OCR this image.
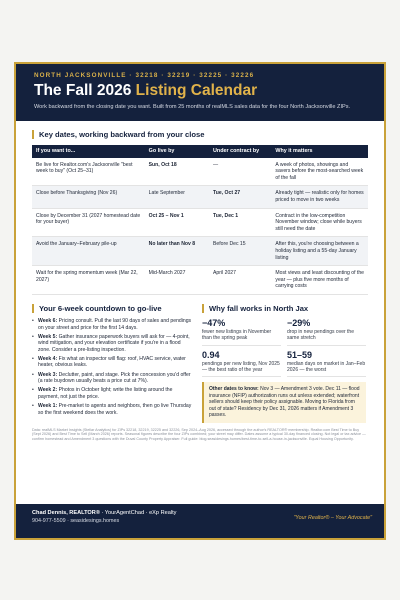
NORTH JACKSONVILLE · 32218 · 32219 · 32225 · 32226
The Fall 2026 Listing Calendar
Work backward from the closing date you want. Built from 25 months of realMLS sales data for the four North Jacksonville ZIPs.
Key dates, working backward from your close
If you want to...	Go live by	Under contract by	Why it matters
Be live for Realtor.com's Jacksonville "best week to buy" (Oct 25–31)	Sun, Oct 18	—	A week of photos, showings and savers before the most-searched week of the fall
Close before Thanksgiving (Nov 26)	Late September	Tue, Oct 27	Already tight — realistic only for homes priced to move in two weeks
Close by December 31 (2027 homestead date for your buyer)	Oct 25 – Nov 1	Tue, Dec 1	Contract in the low-competition November window; close while buyers still need the date
Avoid the January–February pile-up	No later than Nov 8	Before Dec 15	After this, you're choosing between a holiday listing and a 55-day January listing
Wait for the spring momentum week (Mar 22, 2027)	Mid-March 2027	April 2027	Most views and least discounting of the year — plus five more months of carrying costs
Your 6-week countdown to go-live
• Week 6: Pricing consult. Pull the last 90 days of sales and pendings on your street and price for the first 14 days.
• Week 5: Gather insurance paperwork buyers will ask for — 4-point, wind mitigation, and your elevation certificate if you're in a flood zone. Consider a pre-listing inspection.
• Week 4: Fix what an inspector will flag: roof, HVAC service, water heater, obvious leaks.
• Week 3: Declutter, paint, and stage. Pick the concession you'd offer (a rate buydown usually beats a price cut at 7%).
• Week 2: Photos in October light; write the listing around the payment, not just the price.
• Week 1: Pre-market to agents and neighbors, then go live Thursday so the first weekend does the work.
Why fall works in North Jax
−47%
fewer new listings in November than the spring peak
−29%
drop in new pendings over the same stretch
0.94
pendings per new listing, Nov 2025 — the best ratio of the year
51–59
median days on market in Jan–Feb 2026 — the worst
Other dates to know: Nov 3 — Amendment 3 vote. Dec 11 — flood insurance (NFIP) authorization runs out unless extended; waterfront sellers should keep their policy assignable. Moving to Florida from out of state? Residency by Dec 31, 2026 matters if Amendment 3 passes.
Data: realMLS Market Insights (Stellar Analytics) for ZIPs 32218, 32219, 32225 and 32226, Sep 2024–Aug 2026, accessed through the author's REALTOR® membership. Realtor.com Best Time to Buy (Sept 2026) and Best Time to Sell (March 2026) reports. Seasonal figures describe the four ZIPs combined; your street may differ. Dates assume a typical 30-day financed closing. Not legal or tax advice — confirm homestead and Amendment 3 questions with the Duval County Property Appraiser. Full guide: blog.seasidesings.homes/best-time-to-sell-a-house-in-jacksonville. Equal Housing Opportunity.
Chad Dennis, REALTOR® · YourAgentChad · eXp Realty
904-977-5509 · seasidesings.homes	"Your Realtor® – Your Advocate"
